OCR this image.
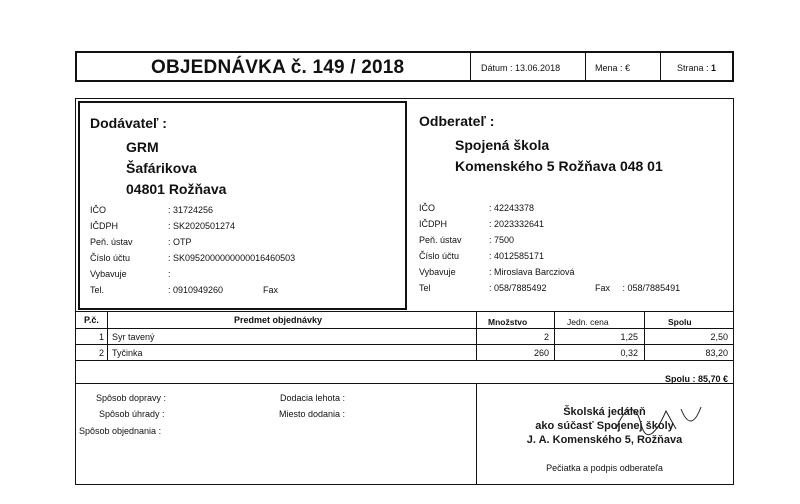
OBJEDNÁVKA č. 149 / 2018	Dátum : 13.06.2018	Mena : €	Strana : 1
Dodávateľ :
GRM
Šafárikova
04801 Rožňava
IČO	: 31724256
IČDPH	: SK2020501274
Peň. ústav	: OTP
Číslo účtu	: SK0952000000000016460503
Vybavuje	:
Tel.	: 0910949260	Fax
Odberateľ :
Spojená škola
Komenského 5 Rožňava 048 01
IČO	: 42243378
IČDPH	: 2023332641
Peň. ústav	: 7500
Číslo účtu	: 4012585171
Vybavuje	: Miroslava Barcziová
Tel	: 058/7885492	Fax : 058/7885491
P.č.	Predmet objednávky	Množstvo	Jedn. cena	Spolu
1 Syr tavený	2	1,25	2,50
2 Tyčinka	260	0,32	83,20
Spolu : 85,70 €
Spôsob dopravy :	Dodacia lehota :
Spôsob úhrady :	Miesto dodania :
Spôsob objednania :
Školská jedáleň
ako súčasť Spojenej školy
J. A. Komenského 5, Rožňava
Pečiatka a podpis odberateľa
